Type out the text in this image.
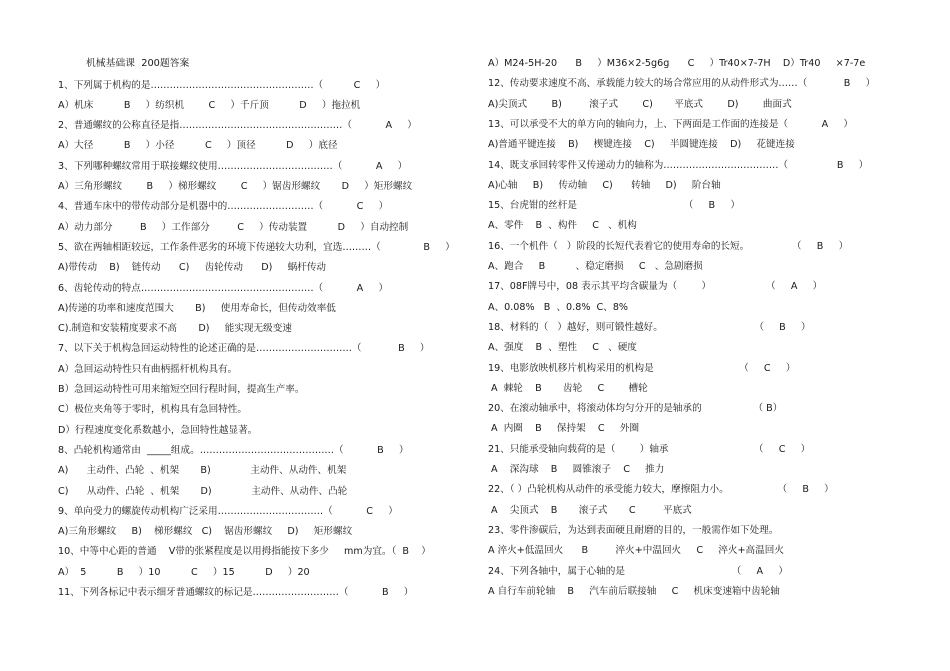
机械基础课  200题答案
1、下列属于机构的是……………………………………………（          C     ）
A）机床          B     ）纺织机        C     ）千斤顶          D     ）拖拉机
2、普通螺纹的公称直径是指……………………………………………（           A     ）
A）大径          B     ）小径          C     ）顶径          D     ）底径
3、下列哪种螺纹常用于联接螺纹使用………………………………（           A     ）
A）三角形螺纹        B     ）梯形螺纹        C     ）锯齿形螺纹       D     ）矩形螺纹
4、普通车床中的带传动部分是机器中的………………………（           C     ）
A）动力部分         B     ）工作部分         C     ）传动装置          D     ）自动控制
5、欲在两轴相距较远，工作条件恶劣的环境下传递较大功利，宜选………（              B     ）
A)带传动    B)    链传动      C)     齿轮传动      D)     蜗杆传动
6、齿轮传动的特点………………………………………………（           A     ）
A)传递的功率和速度范围大       B)     使用寿命长，但传动效率低
C).制造和安装精度要求不高       D)     能实现无级变速
7、以下关于机构急回运动特性的论述正确的是…………………………（            B     ）
A）急回运动特性只有曲柄摇杆机构具有。
B）急回运动特性可用来缩短空回行程时间，提高生产率。
C）极位夹角等于零时，机构具有急回特性。
D）行程速度变化系数越小，急回特性越显著。
8、凸轮机构通常由  _____组成。……………………………………（           B     ）
A)      主动件、凸轮  、机架       B)             主动件、从动件、机架
C)      从动件、凸轮  、机架       D)             主动件、从动件、凸轮
9、单向受力的螺旋传动机构广泛采用……………………………（           C     ）
A)三角形螺纹     B)    梯形螺纹   C)    锯齿形螺纹     D)     矩形螺纹
10、中等中心距的普通    V带的张紧程度是以用拇指能按下多少     mm为宜。（  B    ）
A）  5          B     ）10          C     ）15          D     ）20
11、下列各标记中表示细牙普通螺纹的标记是………………………（           B     ）
A）M24-5H-20      B     ）M36×2-5g6g      C     ）Tr40×7-7H    D）Tr40     ×7-7e
12、传动要求速度不高、承载能力较大的场合常应用的从动件形式为……（            B     ）
A)尖顶式        B)         滚子式        C)       平底式        D)        曲面式
13、可以承受不大的单方向的轴向力，上、下两面是工作面的连接是（           A     ）
A)普通平键连接    B)     楔键连接    C)     半圆键连接    D)     花键连接
14、既支承回转零件又传递动力的轴称为………………………………（                B     ）
A)心轴     B)     传动轴     C)      转轴     D)     阶台轴
15、台虎钳的丝杆是                                   （     B     ）
A、零件    B  、构件     C   、机构
16、一个机件（   ）阶段的长短代表着它的使用寿命的长短。              （     B     ）
A、跑合     B          、稳定磨损     C   、急剧磨损
17、08F牌号中，08 表示其平均含碳量为（        ）                  （     A     ）
A、0.08%   B  、0.8%  C、8%
18、材料的（   ）越好，则可锻性越好。                              （     B     ）
A、强度    B  、塑性     C   、硬度
19、电影放映机移片机构采用的机构是                            （     C     ）
A  棘轮    B       齿轮     C        槽轮
20、在滚动轴承中，将滚动体均匀分开的是轴承的                 （ B）
A  内圈    B     保持架    C     外圈
21、只能承受轴向载荷的是（        ）轴承                            （     C     ）
A    深沟球    B     圆锥滚子    C     推力
22、（ ）凸轮机构从动件的承受能力较大，摩擦阻力小。                （     B     ）
A    尖顶式    B       滚子式       C         平底式
23、零件渗碳后，为达到表面硬且耐磨的目的，一般需作如下处理。
A 淬火+低温回火      B         淬火+中温回火     C     淬火+高温回火
24、下列各轴中，属于心轴的是                                   （     A     ）
A 自行车前轮轴    B     汽车前后联接轴     C     机床变速箱中齿轮轴
